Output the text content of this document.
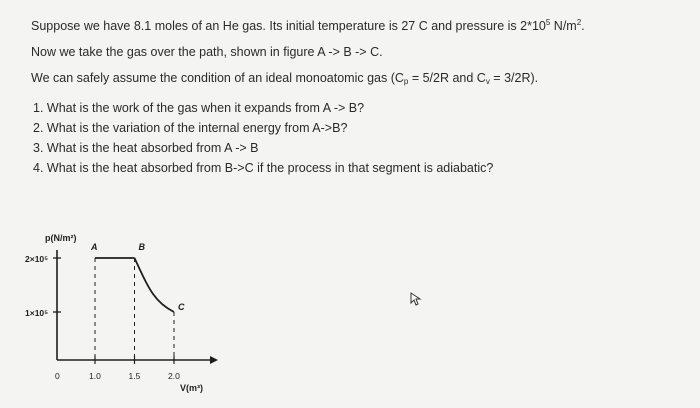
Suppose we have 8.1 moles of an He gas. Its initial temperature is 27 C and pressure is $2*10^5$ $N/m^2$.
Now we take the gas over the path, shown in figure A -> B -> C.
We can safely assume the condition of an ideal monoatomic gas ($C_p = 5/2R$ and $C_v = 3/2R$).
1. What is the work of the gas when it expands from A -> B?
2. What is the variation of the internal energy from A->B?
3. What is the heat absorbed from A -> B
4. What is the heat absorbed from B->C if the process in that segment is adiabatic?
p(N/m²)
V(m³)
2×10⁵
1×10⁵
0	1.0	1.5	2.0
A	B
C
